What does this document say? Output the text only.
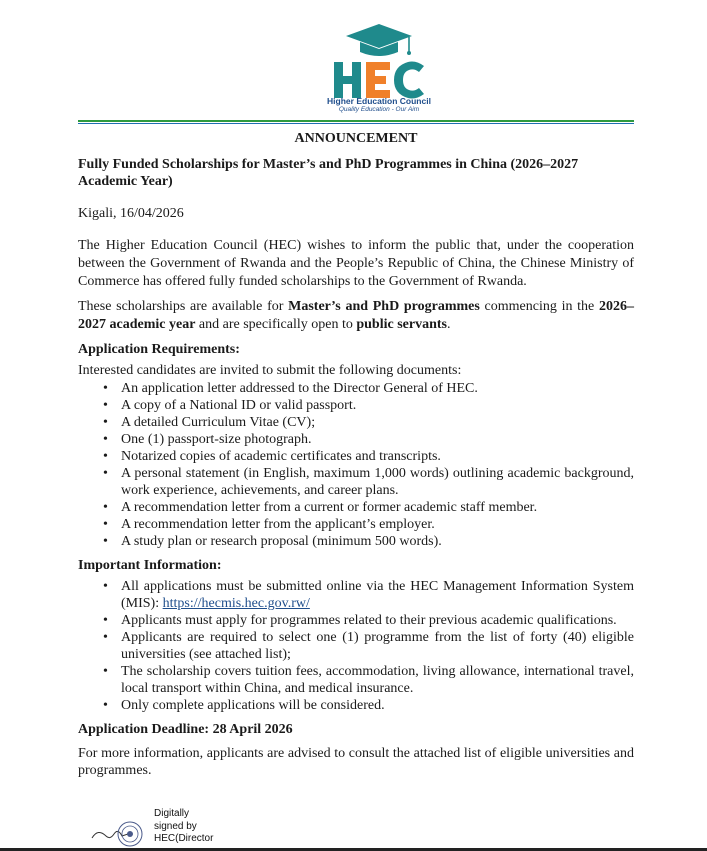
Higher Education Council
Quality Education - Our Aim

ANNOUNCEMENT

Fully Funded Scholarships for Master’s and PhD Programmes in China (2026–2027 Academic Year)

Kigali, 16/04/2026

The Higher Education Council (HEC) wishes to inform the public that, under the cooperation between the Government of Rwanda and the People’s Republic of China, the Chinese Ministry of Commerce has offered fully funded scholarships to the Government of Rwanda.

These scholarships are available for Master’s and PhD programmes commencing in the 2026–2027 academic year and are specifically open to public servants.

Application Requirements:

Interested candidates are invited to submit the following documents:

• An application letter addressed to the Director General of HEC.
• A copy of a National ID or valid passport.
• A detailed Curriculum Vitae (CV);
• One (1) passport-size photograph.
• Notarized copies of academic certificates and transcripts.
• A personal statement (in English, maximum 1,000 words) outlining academic background, work experience, achievements, and career plans.
• A recommendation letter from a current or former academic staff member.
• A recommendation letter from the applicant’s employer.
• A study plan or research proposal (minimum 500 words).

Important Information:

• All applications must be submitted online via the HEC Management Information System (MIS): https://hecmis.hec.gov.rw/
• Applicants must apply for programmes related to their previous academic qualifications.
• Applicants are required to select one (1) programme from the list of forty (40) eligible universities (see attached list);
• The scholarship covers tuition fees, accommodation, living allowance, international travel, local transport within China, and medical insurance.
• Only complete applications will be considered.

Application Deadline: 28 April 2026

For more information, applicants are advised to consult the attached list of eligible universities and programmes.

Digitally
signed by
HEC(Director
